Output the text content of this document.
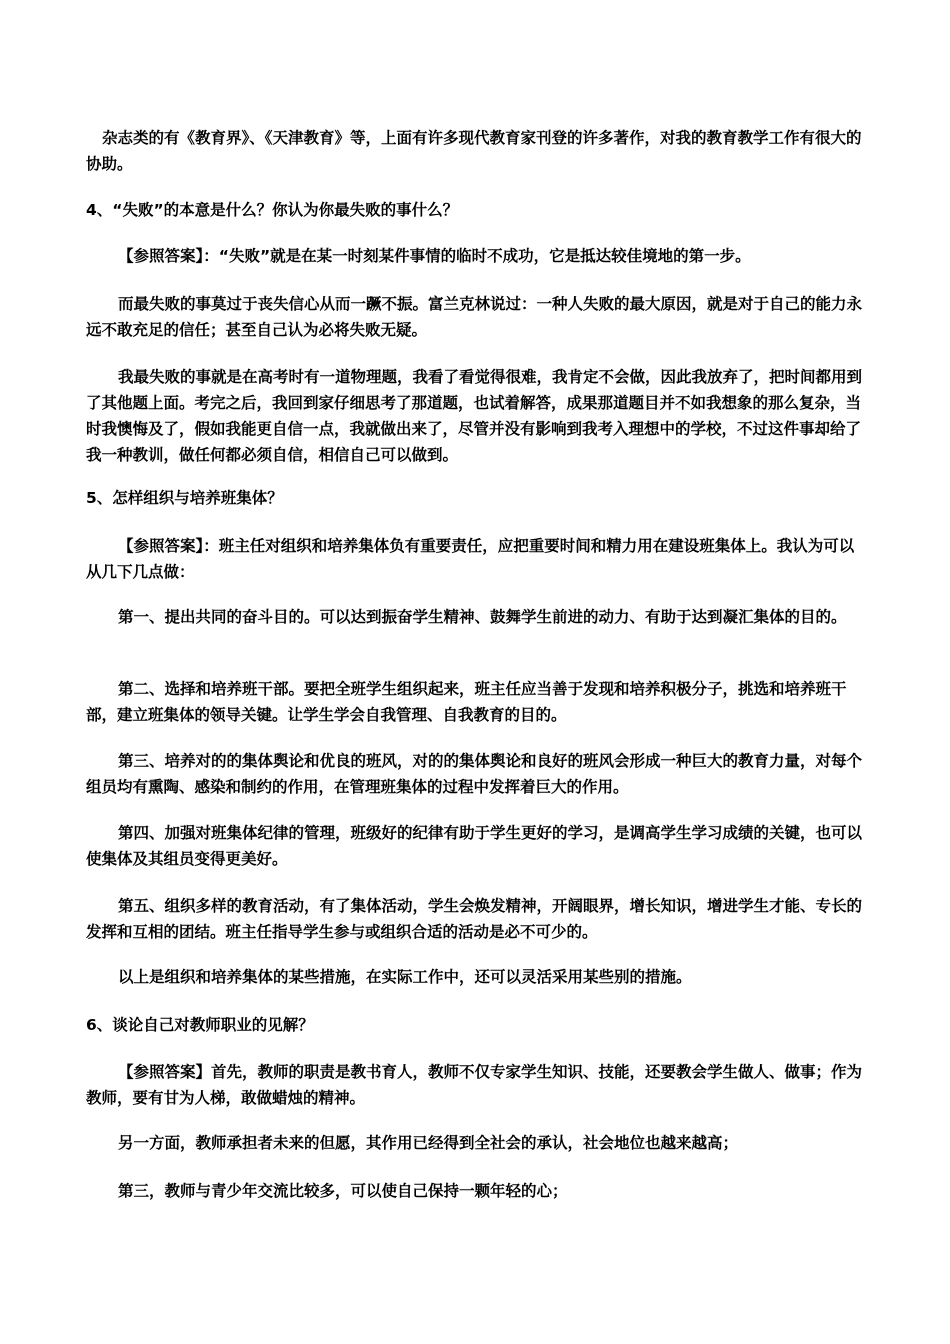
杂志类的有《教育界》、《天津教育》等，上面有许多现代教育家刊登的许多著作，对我的教育教学工作有很大的协助。

4、“失败”的本意是什么？你认为你最失败的事什么？

【参照答案】：“失败”就是在某一时刻某件事情的临时不成功，它是抵达较佳境地的第一步。

而最失败的事莫过于丧失信心从而一蹶不振。富兰克林说过：一种人失败的最大原因，就是对于自己的能力永远不敢充足的信任；甚至自己认为必将失败无疑。

我最失败的事就是在高考时有一道物理题，我看了看觉得很难，我肯定不会做，因此我放弃了，把时间都用到了其他题上面。考完之后，我回到家仔细思考了那道题，也试着解答，成果那道题目并不如我想象的那么复杂，当时我懊悔及了，假如我能更自信一点，我就做出来了，尽管并没有影响到我考入理想中的学校，不过这件事却给了我一种教训，做任何都必须自信，相信自己可以做到。

5、怎样组织与培养班集体？

【参照答案】：班主任对组织和培养集体负有重要责任，应把重要时间和精力用在建设班集体上。我认为可以从几下几点做：

第一、提出共同的奋斗目的。可以达到振奋学生精神、鼓舞学生前进的动力、有助于达到凝汇集体的目的。

第二、选择和培养班干部。要把全班学生组织起来，班主任应当善于发现和培养积极分子，挑选和培养班干部，建立班集体的领导关键。让学生学会自我管理、自我教育的目的。

第三、培养对的的集体舆论和优良的班风，对的的集体舆论和良好的班风会形成一种巨大的教育力量，对每个组员均有熏陶、感染和制约的作用，在管理班集体的过程中发挥着巨大的作用。

第四、加强对班集体纪律的管理，班级好的纪律有助于学生更好的学习，是调高学生学习成绩的关键，也可以使集体及其组员变得更美好。

第五、组织多样的教育活动，有了集体活动，学生会焕发精神，开阔眼界，增长知识，增进学生才能、专长的发挥和互相的团结。班主任指导学生参与或组织合适的活动是必不可少的。

以上是组织和培养集体的某些措施，在实际工作中，还可以灵活采用某些别的措施。

6、谈论自己对教师职业的见解？

【参照答案】首先，教师的职责是教书育人，教师不仅专家学生知识、技能，还要教会学生做人、做事；作为教师，要有甘为人梯，敢做蜡烛的精神。

另一方面，教师承担者未来的但愿，其作用已经得到全社会的承认，社会地位也越来越高；

第三，教师与青少年交流比较多，可以使自己保持一颗年轻的心；
